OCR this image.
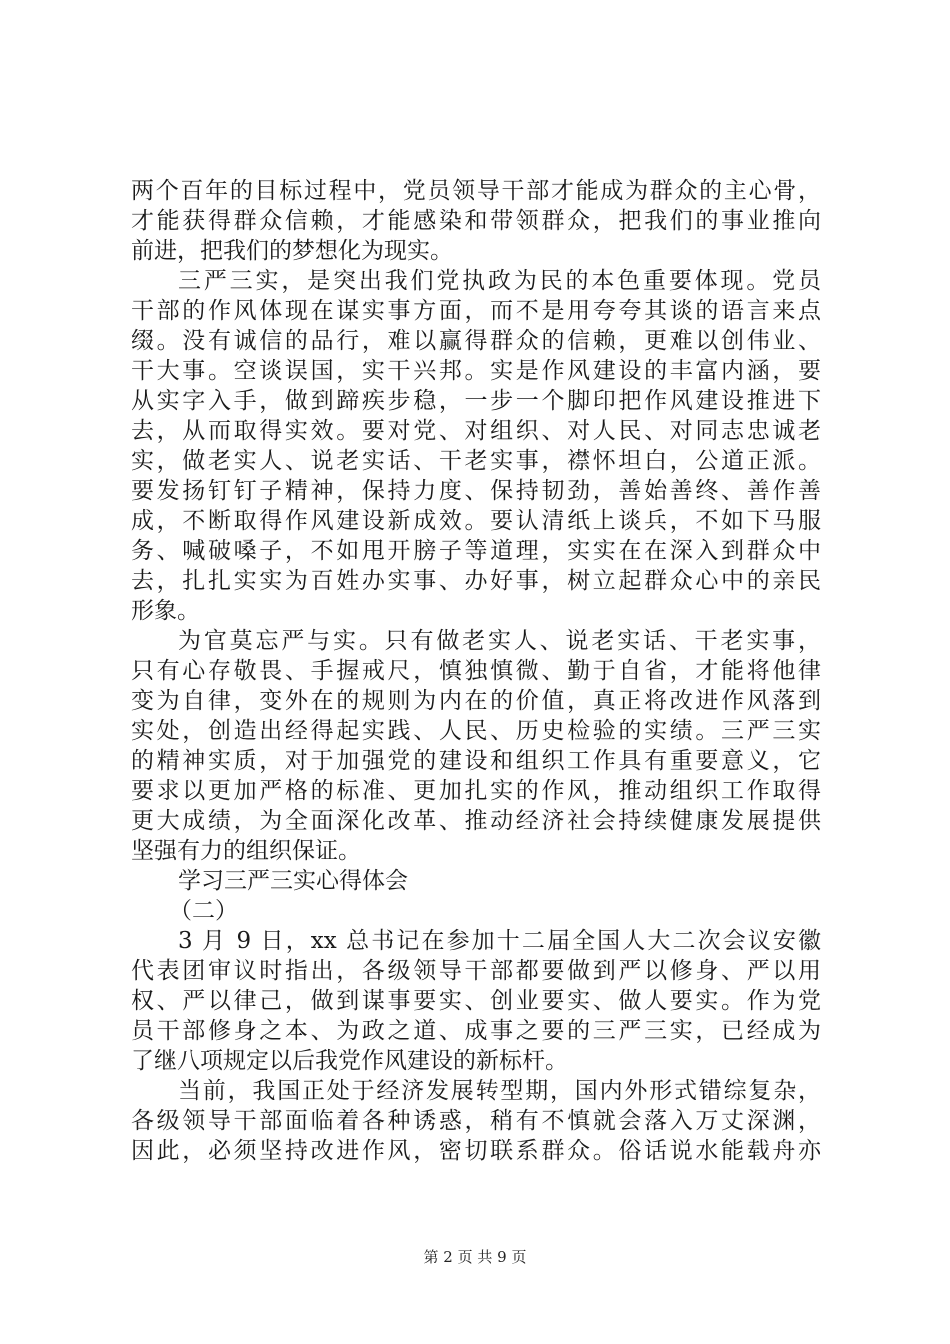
两个百年的目标过程中，党员领导干部才能成为群众的主心骨，
才能获得群众信赖，才能感染和带领群众，把我们的事业推向
前进，把我们的梦想化为现实。
三严三实，是突出我们党执政为民的本色重要体现。党员
干部的作风体现在谋实事方面，而不是用夸夸其谈的语言来点
缀。没有诚信的品行，难以赢得群众的信赖，更难以创伟业、
干大事。空谈误国，实干兴邦。实是作风建设的丰富内涵，要
从实字入手，做到蹄疾步稳，一步一个脚印把作风建设推进下
去，从而取得实效。要对党、对组织、对人民、对同志忠诚老
实，做老实人、说老实话、干老实事，襟怀坦白，公道正派。
要发扬钉钉子精神，保持力度、保持韧劲，善始善终、善作善
成，不断取得作风建设新成效。要认清纸上谈兵，不如下马服
务、喊破嗓子，不如甩开膀子等道理，实实在在深入到群众中
去，扎扎实实为百姓办实事、办好事，树立起群众心中的亲民
形象。
为官莫忘严与实。只有做老实人、说老实话、干老实事，
只有心存敬畏、手握戒尺，慎独慎微、勤于自省，才能将他律
变为自律，变外在的规则为内在的价值，真正将改进作风落到
实处，创造出经得起实践、人民、历史检验的实绩。三严三实
的精神实质，对于加强党的建设和组织工作具有重要意义，它
要求以更加严格的标准、更加扎实的作风，推动组织工作取得
更大成绩，为全面深化改革、推动经济社会持续健康发展提供
坚强有力的组织保证。
学习三严三实心得体会
（二）
3 月 9 日，xx 总书记在参加十二届全国人大二次会议安徽
代表团审议时指出，各级领导干部都要做到严以修身、严以用
权、严以律己，做到谋事要实、创业要实、做人要实。作为党
员干部修身之本、为政之道、成事之要的三严三实，已经成为
了继八项规定以后我党作风建设的新标杆。
当前，我国正处于经济发展转型期，国内外形式错综复杂，
各级领导干部面临着各种诱惑，稍有不慎就会落入万丈深渊，
因此，必须坚持改进作风，密切联系群众。俗话说水能载舟亦
第 2 页 共 9 页
